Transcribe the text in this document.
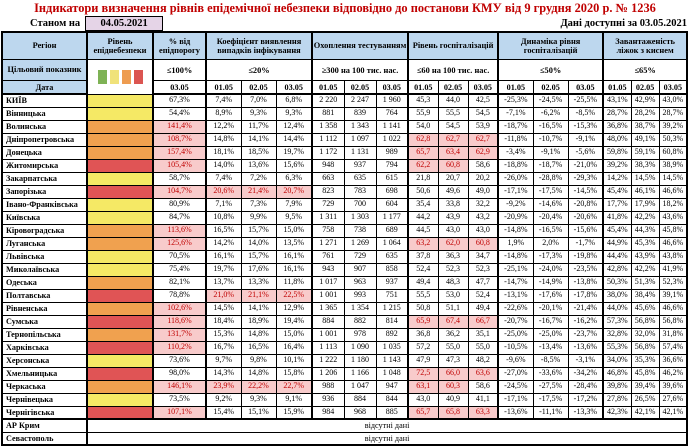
Індикатори визначення рівнів епідемічної небезпеки відповідно до постанови КМУ від 9 грудня 2020 р. № 1236
Станом на	04.05.2021	Дані доступні за 03.05.2021
Регіон	Рівень епіднебезпеки	% від епідпорогу	Коефіцієнт виявлення випадків інфікування			Охоплення тестуванням			Рівень госпіталізацій			Динаміка рівня госпіталізацій			Завантаженість ліжок з киснем		
Цільовий показник		≤100%	≤20%			≥300 на 100 тис. нас.			≤60 на 100 тис. нас.			≤50%			≤65%		
Дата		03.05	01.05	02.05	03.05	01.05	02.05	03.05	01.05	02.05	03.05	01.05	02.05	03.05	01.05	02.05	03.05
КИЇВ		67,3%	7,4%	7,0%	6,8%	2 220	2 247	1 960	45,3	44,0	42,5	-25,3%	-24,5%	-25,5%	43,1%	42,9%	43,0%
Вінницька		54,4%	8,9%	9,3%	9,3%	881	839	764	55,9	55,5	54,5	-7,1%	-6,2%	-8,5%	28,7%	28,2%	28,7%
Волинська		141,4%	12,2%	11,7%	12,4%	1 358	1 343	1 141	54,0	54,5	53,9	-18,7%	-16,5%	-15,3%	36,8%	38,7%	39,2%
Дніпропетровська		108,7%	14,8%	14,1%	14,4%	1 112	1 097	1 022	62,8	62,7	62,7	-11,8%	-10,7%	-9,1%	48,0%	49,1%	50,3%
Донецька		157,4%	18,1%	18,5%	19,7%	1 172	1 131	989	65,7	63,4	62,9	-3,4%	-9,1%	-5,6%	59,8%	59,1%	60,8%
Житомирська		105,4%	14,0%	13,6%	15,6%	948	937	794	62,2	60,8	58,6	-18,8%	-18,7%	-21,0%	39,2%	38,3%	38,9%
Закарпатська		58,7%	7,4%	7,2%	6,3%	663	635	615	21,8	20,7	20,2	-26,0%	-28,8%	-29,3%	14,2%	14,5%	14,5%
Запорізька		104,7%	20,6%	21,4%	20,7%	823	783	698	50,6	49,6	49,0	-17,1%	-17,5%	-14,5%	45,4%	46,1%	46,6%
Івано-Франківська		80,9%	7,1%	7,3%	7,9%	729	700	604	35,4	33,8	32,2	-9,2%	-14,6%	-20,8%	17,7%	17,9%	18,2%
Київська		84,7%	10,8%	9,9%	9,5%	1 311	1 303	1 177	44,2	43,9	43,2	-20,9%	-20,4%	-20,6%	41,8%	42,2%	43,6%
Кіровоградська		113,6%	16,5%	15,7%	15,0%	758	738	689	44,5	43,0	43,0	-14,8%	-16,5%	-15,6%	45,4%	44,3%	45,8%
Луганська		125,6%	14,2%	14,0%	13,5%	1 271	1 269	1 064	63,2	62,0	60,8	1,9%	2,0%	-1,7%	44,9%	45,3%	46,6%
Львівська		70,5%	16,1%	15,7%	16,1%	761	729	635	37,8	36,3	34,7	-14,8%	-17,3%	-19,8%	44,4%	43,9%	43,8%
Миколаївська		75,4%	19,7%	17,6%	16,1%	943	907	858	52,4	52,3	52,3	-25,1%	-24,0%	-23,5%	42,8%	42,2%	41,9%
Одеська		82,1%	13,7%	13,3%	11,8%	1 017	963	937	49,4	48,3	47,7	-14,7%	-14,9%	-13,8%	50,3%	51,3%	52,3%
Полтавська		78,8%	21,0%	21,1%	22,5%	1 001	993	751	55,5	53,0	52,4	-13,1%	-17,6%	-17,8%	38,0%	38,4%	39,1%
Рівненська		102,6%	14,5%	14,1%	12,9%	1 365	1 354	1 215	50,8	51,1	49,4	-22,6%	-20,1%	-21,4%	44,0%	45,6%	46,6%
Сумська		118,6%	18,4%	18,9%	19,4%	884	882	814	65,9	67,4	66,7	-20,7%	-16,7%	-16,2%	57,3%	56,8%	56,8%
Тернопільська		131,7%	15,3%	14,8%	15,0%	1 001	978	892	36,8	36,2	35,1	-25,0%	-25,0%	-23,7%	32,8%	32,0%	31,8%
Харківська		110,2%	16,7%	16,5%	16,4%	1 113	1 090	1 035	57,2	55,0	55,0	-10,5%	-13,4%	-13,6%	55,3%	56,8%	57,4%
Херсонська		73,6%	9,7%	9,8%	10,1%	1 222	1 180	1 143	47,9	47,3	48,2	-9,6%	-8,5%	-3,1%	34,0%	35,3%	36,6%
Хмельницька		98,0%	14,3%	14,8%	15,8%	1 206	1 166	1 048	72,5	66,0	63,6	-27,0%	-33,6%	-34,2%	46,8%	45,8%	46,2%
Черкаська		146,1%	23,9%	22,2%	22,7%	988	1 047	947	63,1	60,3	58,6	-24,5%	-27,5%	-28,4%	39,8%	39,4%	39,6%
Чернівецька		73,5%	9,2%	9,3%	9,1%	936	884	844	43,0	40,9	41,1	-17,1%	-17,5%	-17,2%	27,8%	26,5%	27,6%
Чернігівська		107,1%	15,4%	15,1%	15,9%	984	968	885	65,7	65,8	63,3	-13,6%	-11,1%	-13,3%	42,3%	42,1%	42,1%
АР Крим	відсутні дані																
Севастополь	відсутні дані																
